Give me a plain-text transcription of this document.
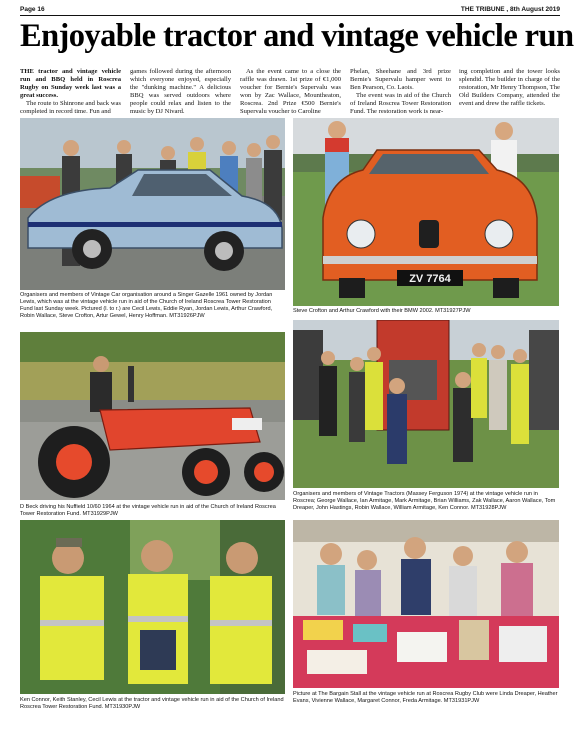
Page 16	THE TRIBUNE , 8th August 2019
Enjoyable tractor and vintage vehicle run

THE tractor and vintage vehicle run and BBQ held in Roscrea Rugby on Sunday week last was a great success.

The route to Shinrone and back was completed in record time. Fun and

games followed during the afternoon which everyone enjoyed, especially the "dunking machine." A delicious BBQ was served outdoors where people could relax and listen to the music by DJ Nivard.

As the event came to a close the raffle was drawn. 1st prize of €1,000 voucher for Bernie's Supervalu was won by Zac Wallace, Mountheaton, Roscrea. 2nd Prize €500 Bernie's Supervalu voucher to Caroline

Phelan, Sheehane and 3rd prize Bernie's Supervalu hamper went to Ben Pearson, Co. Laois.

The event was in aid of the Church of Ireland Roscrea Tower Restoration Fund. The restoration work is near-

ing completion and the tower looks splendid. The builder in charge of the restoration, Mr Henry Thompson, The Old Builders Company, attended the event and drew the raffle tickets.

Organisers and members of Vintage Car organisation around a Singer Gazelle 1961 owned by Jordan Lewis, which was at the vintage vehicle run in aid of the Church of Ireland Roscrea Tower Restoration Fund last Sunday week. Pictured (l. to r.) are Cecil Lewis, Eddie Ryan, Jordan Lewis, Arthur Crawford, Robin Wallace, Steve Crofton, Artur Gewel, Henry Hoffman. MT31926PJW
ZV 7764
Steve Crofton and Arthur Crawford with their BMW 2002. MT31927PJW
D Beck driving his Nuffield 10/60 1964 at the vintage vehicle run in aid of the Church of Ireland Roscrea Tower Restoration Fund. MT31929PJW
Organisers and members of Vintage Tractors (Massey Ferguson 1974) at the vintage vehicle run in Roscrea; George Wallace, Ian Armitage, Mark Armitage, Brian Williams, Zak Wallace, Aaron Wallace, Tom Dreaper, John Hastings, Robin Wallace, William Armitage, Ken Connor. MT31928PJW
Ken Connor, Keith Stanley, Cecil Lewis at the tractor and vintage vehicle run in aid of the Church of Ireland Roscrea Tower Restoration Fund. MT31930PJW
Picture at The Bargain Stall at the vintage vehicle run at Roscrea Rugby Club were Linda Dreaper, Heather Evans, Vivienne Wallace, Margaret Connor, Freda Armitage. MT31931PJW
